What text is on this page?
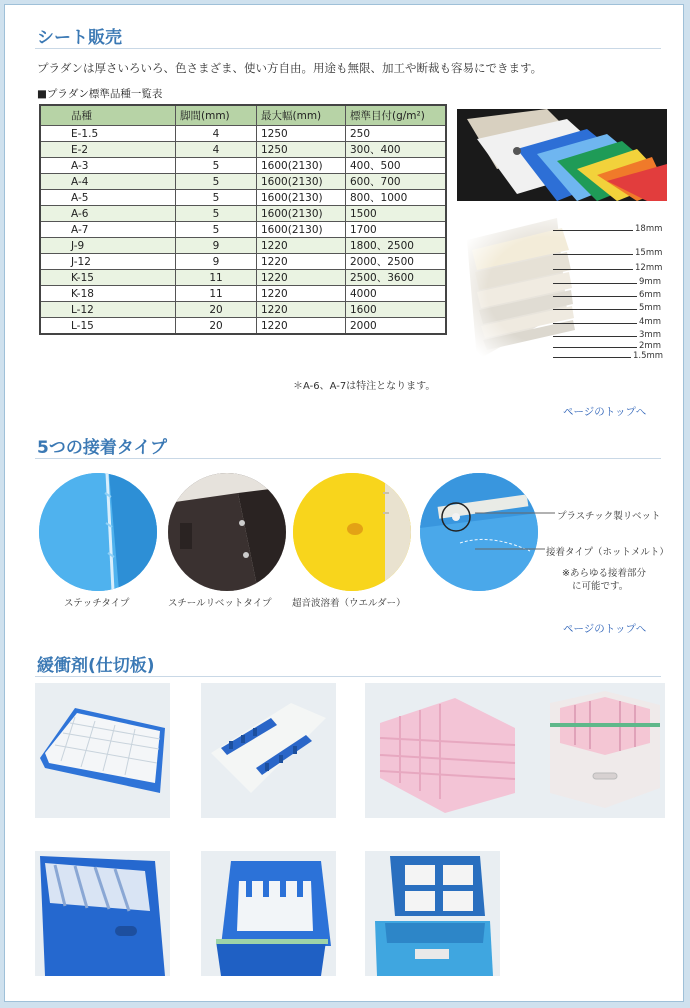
シート販売
プラダンは厚さいろいろ、色さまざま、使い方自由。用途も無限、加工や断裁も容易にできます。
■プラダン標準品種一覧表
品種	脚間(mm)	最大幅(mm)	標準目付(g/m²)
E-1.5	4	1250	250
E-2	4	1250	300、400
A-3	5	1600(2130)	400、500
A-4	5	1600(2130)	600、700
A-5	5	1600(2130)	800、1000
A-6	5	1600(2130)	1500
A-7	5	1600(2130)	1700
J-9	9	1220	1800、2500
J-12	9	1220	2000、2500
K-15	11	1220	2500、3600
K-18	11	1220	4000
L-12	20	1220	1600
L-15	20	1220	2000
＊A-6、A-7は特注となります。
18mm
15mm
12mm
9mm
6mm
5mm
4mm
3mm
2mm
1.5mm
ページのトップへ
5つの接着タイプ
プラスチック製リベット
接着タイプ（ホットメルト）
※あらゆる接着部分
に可能です。
ステッチタイプ	スチールリベットタイプ 超音波溶着（ウエルダー）
ページのトップへ
緩衝剤(仕切板)
